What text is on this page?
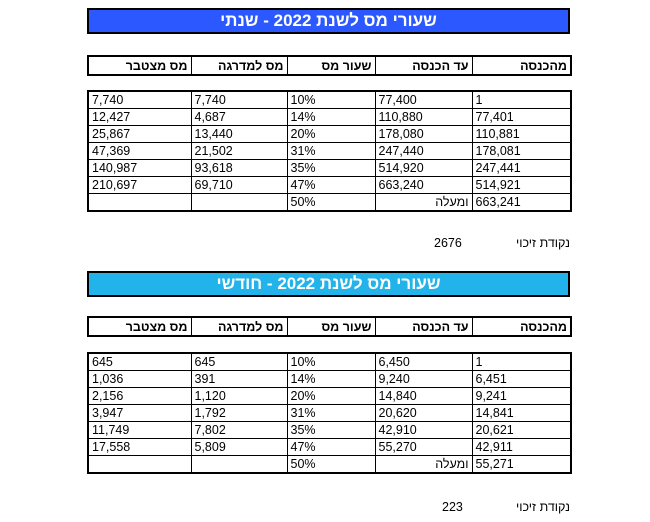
שעורי מס לשנת 2022 - שנתי
מהכנסה	עד הכנסה	שעור מס	מס למדרגה	מס מצטבר
1	77,400	10%	7,740	7,740
77,401	110,880	14%	4,687	12,427
110,881	178,080	20%	13,440	25,867
178,081	247,440	31%	21,502	47,369
247,441	514,920	35%	93,618	140,987
514,921	663,240	47%	69,710	210,697
663,241	ומעלה	50%		
נקודת זיכוי
2676
שעורי מס לשנת 2022 - חודשי
מהכנסה	עד הכנסה	שעור מס	מס למדרגה	מס מצטבר
1	6,450	10%	645	645
6,451	9,240	14%	391	1,036
9,241	14,840	20%	1,120	2,156
14,841	20,620	31%	1,792	3,947
20,621	42,910	35%	7,802	11,749
42,911	55,270	47%	5,809	17,558
55,271	ומעלה	50%		
נקודת זיכוי
223
